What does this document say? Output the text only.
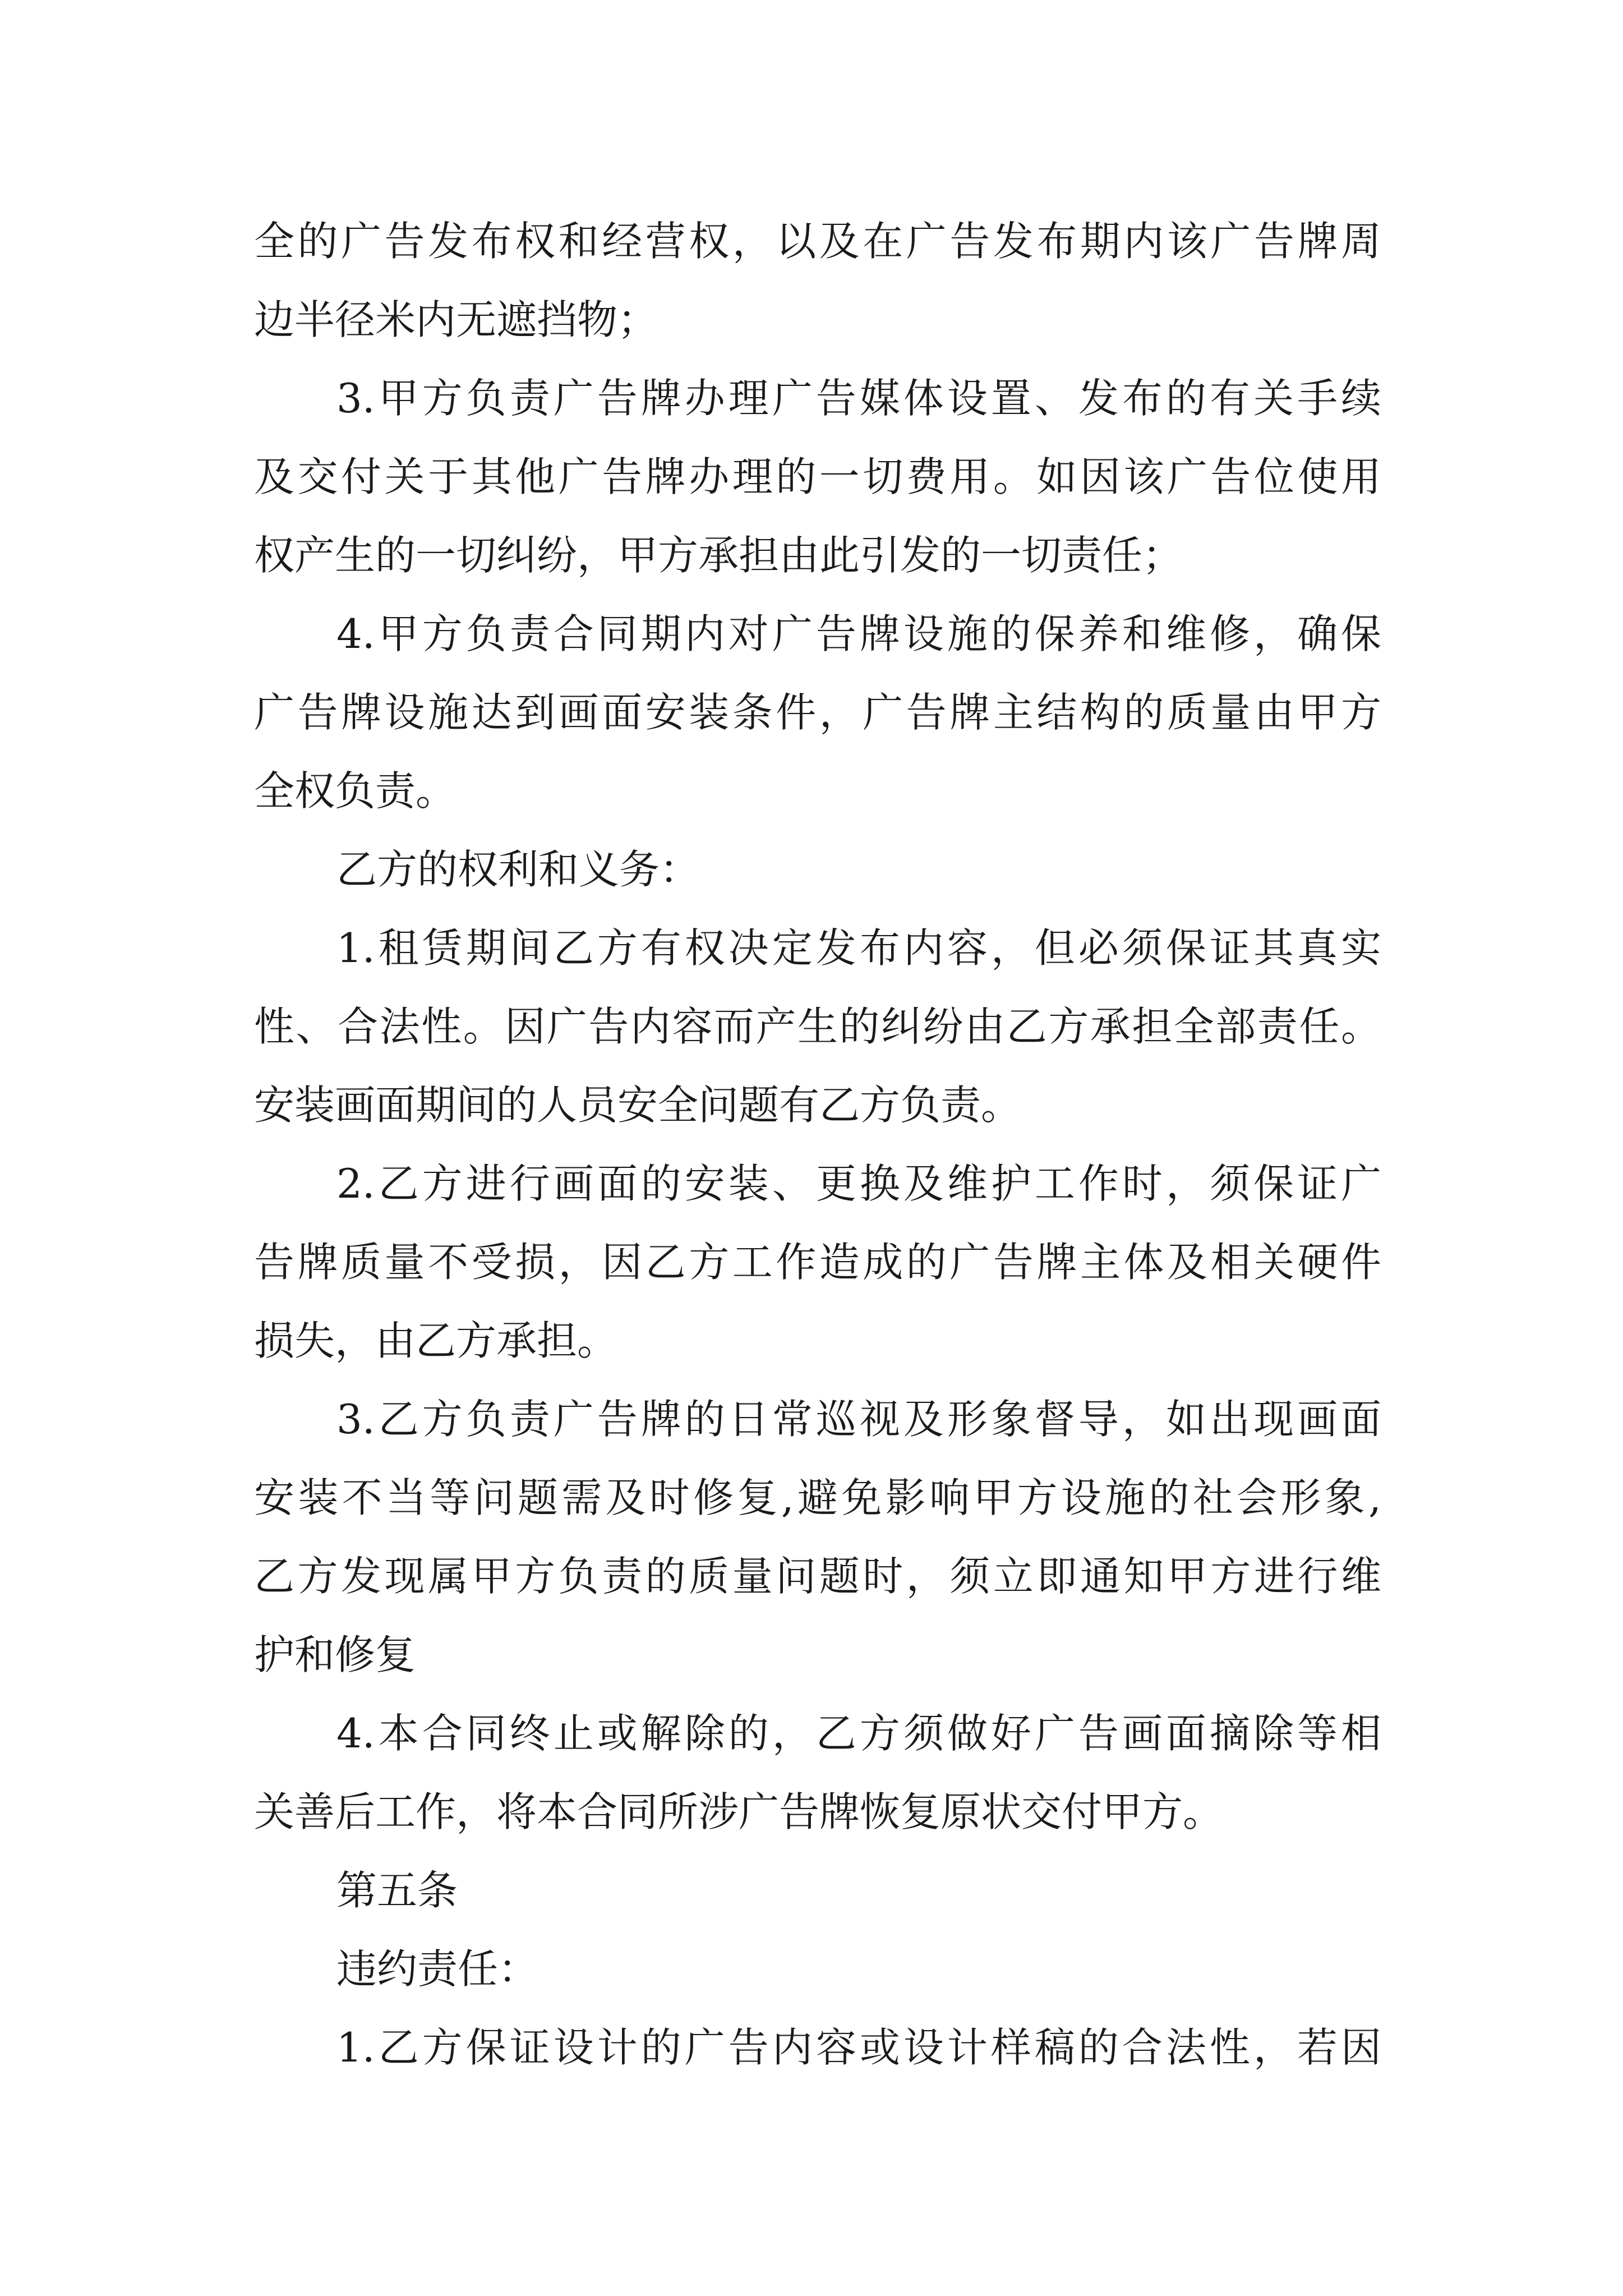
全的广告发布权和经营权，以及在广告发布期内该广告牌周
边半径米内无遮挡物；
3.甲方负责广告牌办理广告媒体设置、发布的有关手续
及交付关于其他广告牌办理的一切费用。如因该广告位使用
权产生的一切纠纷，甲方承担由此引发的一切责任；
4.甲方负责合同期内对广告牌设施的保养和维修，确保
广告牌设施达到画面安装条件，广告牌主结构的质量由甲方
全权负责。
乙方的权利和义务：
1.租赁期间乙方有权决定发布内容，但必须保证其真实
性、合法性。因广告内容而产生的纠纷由乙方承担全部责任。
安装画面期间的人员安全问题有乙方负责。
2.乙方进行画面的安装、更换及维护工作时，须保证广
告牌质量不受损，因乙方工作造成的广告牌主体及相关硬件
损失，由乙方承担。
3.乙方负责广告牌的日常巡视及形象督导，如出现画面
安装不当等问题需及时修复,避免影响甲方设施的社会形象,
乙方发现属甲方负责的质量问题时，须立即通知甲方进行维
护和修复
4.本合同终止或解除的，乙方须做好广告画面摘除等相
关善后工作，将本合同所涉广告牌恢复原状交付甲方。
第五条
违约责任：
1.乙方保证设计的广告内容或设计样稿的合法性，若因
